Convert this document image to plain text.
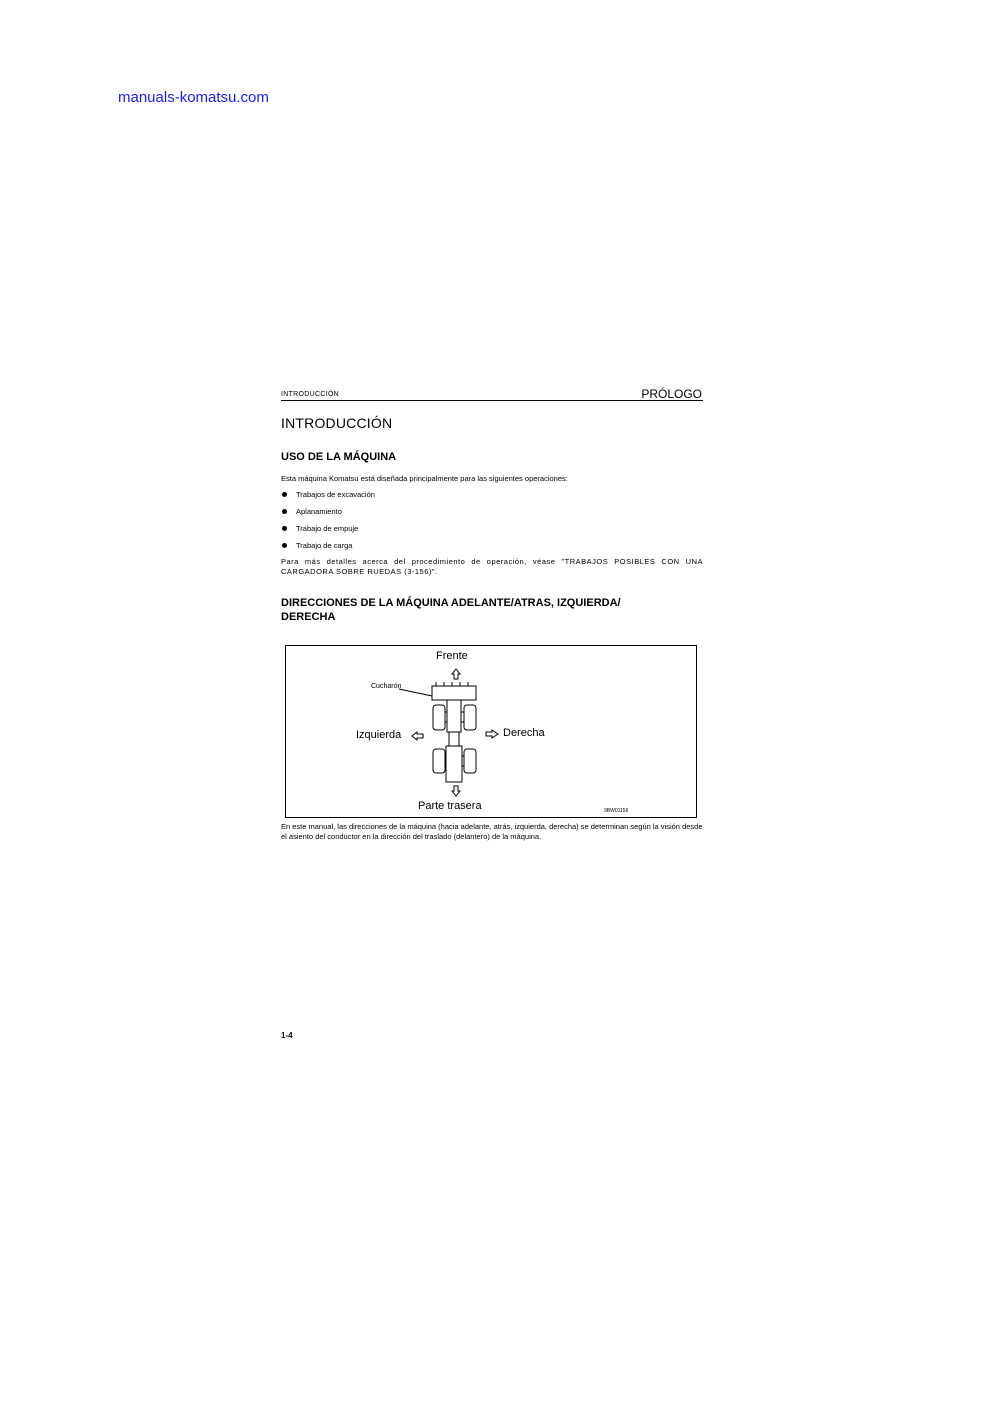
manuals-komatsu.com
INTRODUCCIÓN	PRÓLOGO
INTRODUCCIÓN
USO DE LA MÁQUINA
Esta máquina Komatsu está diseñada principalmente para las siguientes operaciones:
Trabajos de excavación
Aplanamiento
Trabajo de empuje
Trabajo de carga
Para más detalles acerca del procedimiento de operación, véase "TRABAJOS POSIBLES CON UNA CARGADORA SOBRE RUEDAS (3-156)".
DIRECCIONES DE LA MÁQUINA ADELANTE/ATRAS, IZQUIERDA/
DERECHA
Frente
Cucharón
Izquierda	Derecha
Parte trasera	9BW01156
En este manual, las direcciones de la máquina (hacia adelante, atrás, izquierda, derecha) se determinan según la visión desde el asiento del conductor en la dirección del traslado (delantero) de la máquina.
1-4
